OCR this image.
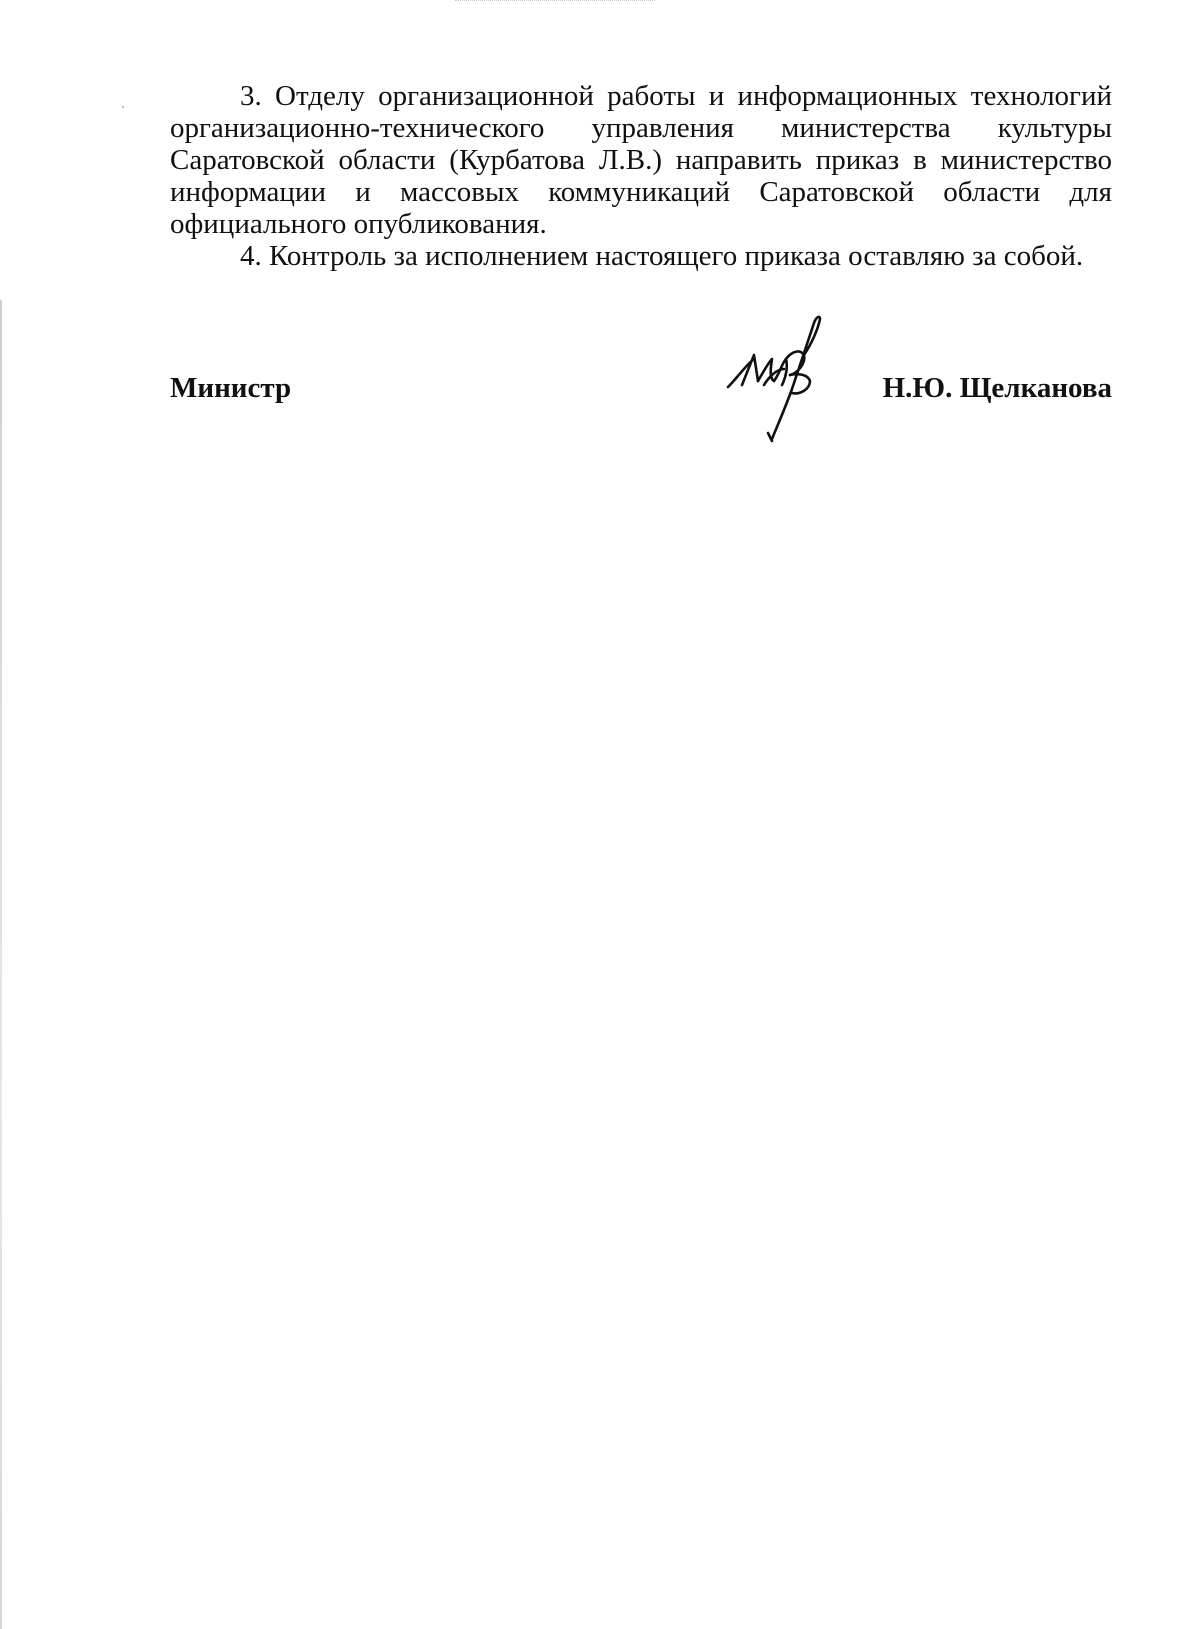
3. Отделу организационной работы и информационных технологий организационно-технического управления министерства культуры Саратовской области (Курбатова Л.В.) направить приказ в министерство информации и массовых коммуникаций Саратовской области для официального опубликования.

4. Контроль за исполнением настоящего приказа оставляю за собой.

Министр	Н.Ю. Щелканова
